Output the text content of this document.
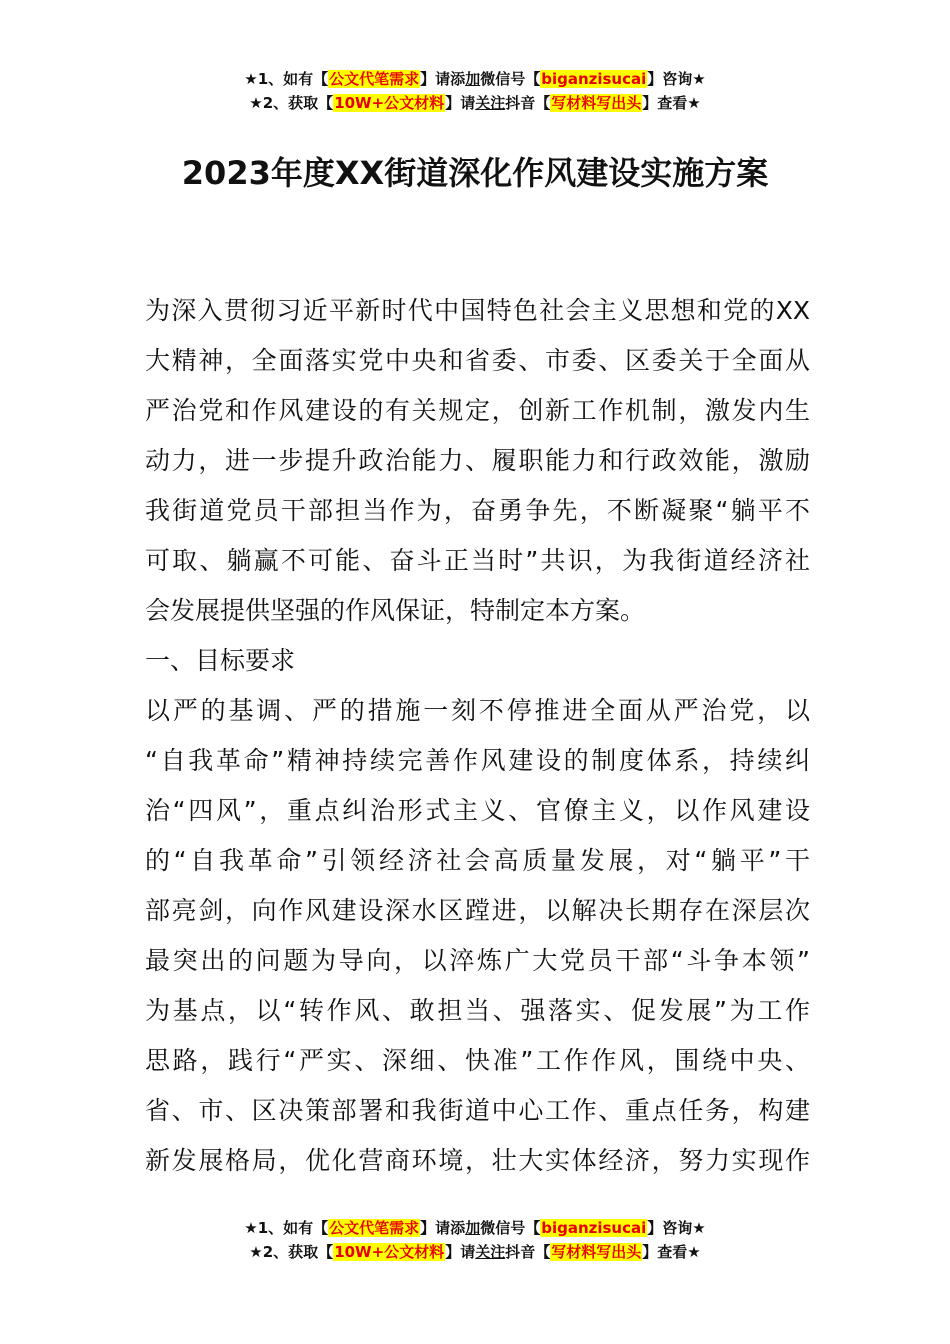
★1、如有【公文代笔需求】请添加微信号【biganzisucai】咨询★
★2、获取【10W+公文材料】请关注抖音【写材料写出头】查看★
2023年度XX街道深化作风建设实施方案
为深入贯彻习近平新时代中国特色社会主义思想和党的XX
大精神，全面落实党中央和省委、市委、区委关于全面从
严治党和作风建设的有关规定，创新工作机制，激发内生
动力，进一步提升政治能力、履职能力和行政效能，激励
我街道党员干部担当作为，奋勇争先，不断凝聚“躺平不
可取、躺赢不可能、奋斗正当时”共识，为我街道经济社
会发展提供坚强的作风保证，特制定本方案。
一、目标要求
以严的基调、严的措施一刻不停推进全面从严治党，以
“自我革命”精神持续完善作风建设的制度体系，持续纠
治“四风”，重点纠治形式主义、官僚主义，以作风建设
的“自我革命”引领经济社会高质量发展，对“躺平”干
部亮剑，向作风建设深水区蹚进，以解决长期存在深层次
最突出的问题为导向，以淬炼广大党员干部“斗争本领”
为基点，以“转作风、敢担当、强落实、促发展”为工作
思路，践行“严实、深细、快准”工作作风，围绕中央、
省、市、区决策部署和我街道中心工作、重点任务，构建
新发展格局，优化营商环境，壮大实体经济，努力实现作
★1、如有【公文代笔需求】请添加微信号【biganzisucai】咨询★
★2、获取【10W+公文材料】请关注抖音【写材料写出头】查看★
